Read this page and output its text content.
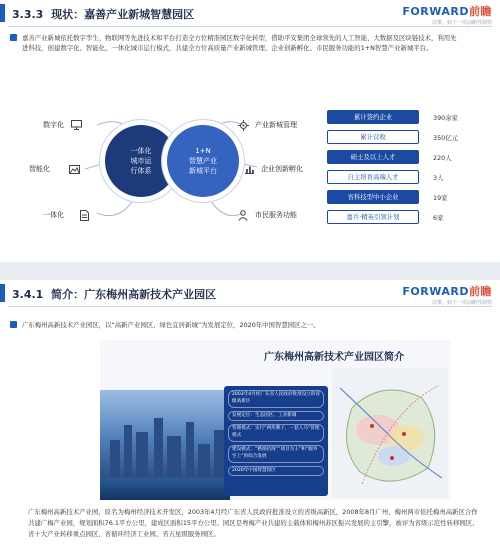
3.3.3 现状：嘉善产业新城智慧园区	FORWARD前瞻
决策，始于一次前瞻性洞察
嘉善产业新城依托数字孪生、物联网等先进技术和平台打造全方位精准园区数字化转型，借助平安集团全球领先的人工智能、大数据及区块链技术，利用先进科技，创建数字化、智能化、一体化城市运行模式，共建全方位高质量产业新城管理、企业创新孵化、市民服务功能的1+N智慧产业新城平台。
一体化
城市运
行体系
1+N
智慧产业
新城平台
数字化
智能化
一体化
产业新城管理
企业创新孵化
市民服务功能
累计签约企业	390余家
累计营收	350亿元
硕士及以上人才	220人
自主培育高端人才	3人
省科技型中小企业	19家
嘉兵·精英引领计划	6家
3.4.1 简介：广东梅州高新技术产业园区	FORWARD前瞻
决策，始于一次前瞻性洞察
广东梅州高新技术产业园区，以“高新产业园区、绿色宜居新城”为发展定位，2020年中国智慧园区之一。
广东梅州高新技术产业园区简介
2003年4月经广东省人民政府批准设立的省级高新区
发展定位：生态园区、工业新城
管理模式：实行“两块牌子、一套人马”管理模式
建设模式：“精准招商”“项目为王”和“服务至上”的综合发展
2020年中国智慧园区
广东梅州高新技术产业园，原名为梅州经济技术开发区，2003年4月经广东省人民政府批准设立的省级高新区，2008年8月广州、梅州两市依托梅州高新区合作共建广梅产业园，规划面积76.1平方公里，建成区面积15平方公里。园区是粤梅产业共建的主载体和梅州苏区振兴发展的主引擎，被评为省级示范性转移园区、省十大产业转移重点园区、省循环经济工业园、省五星级服务园区。
